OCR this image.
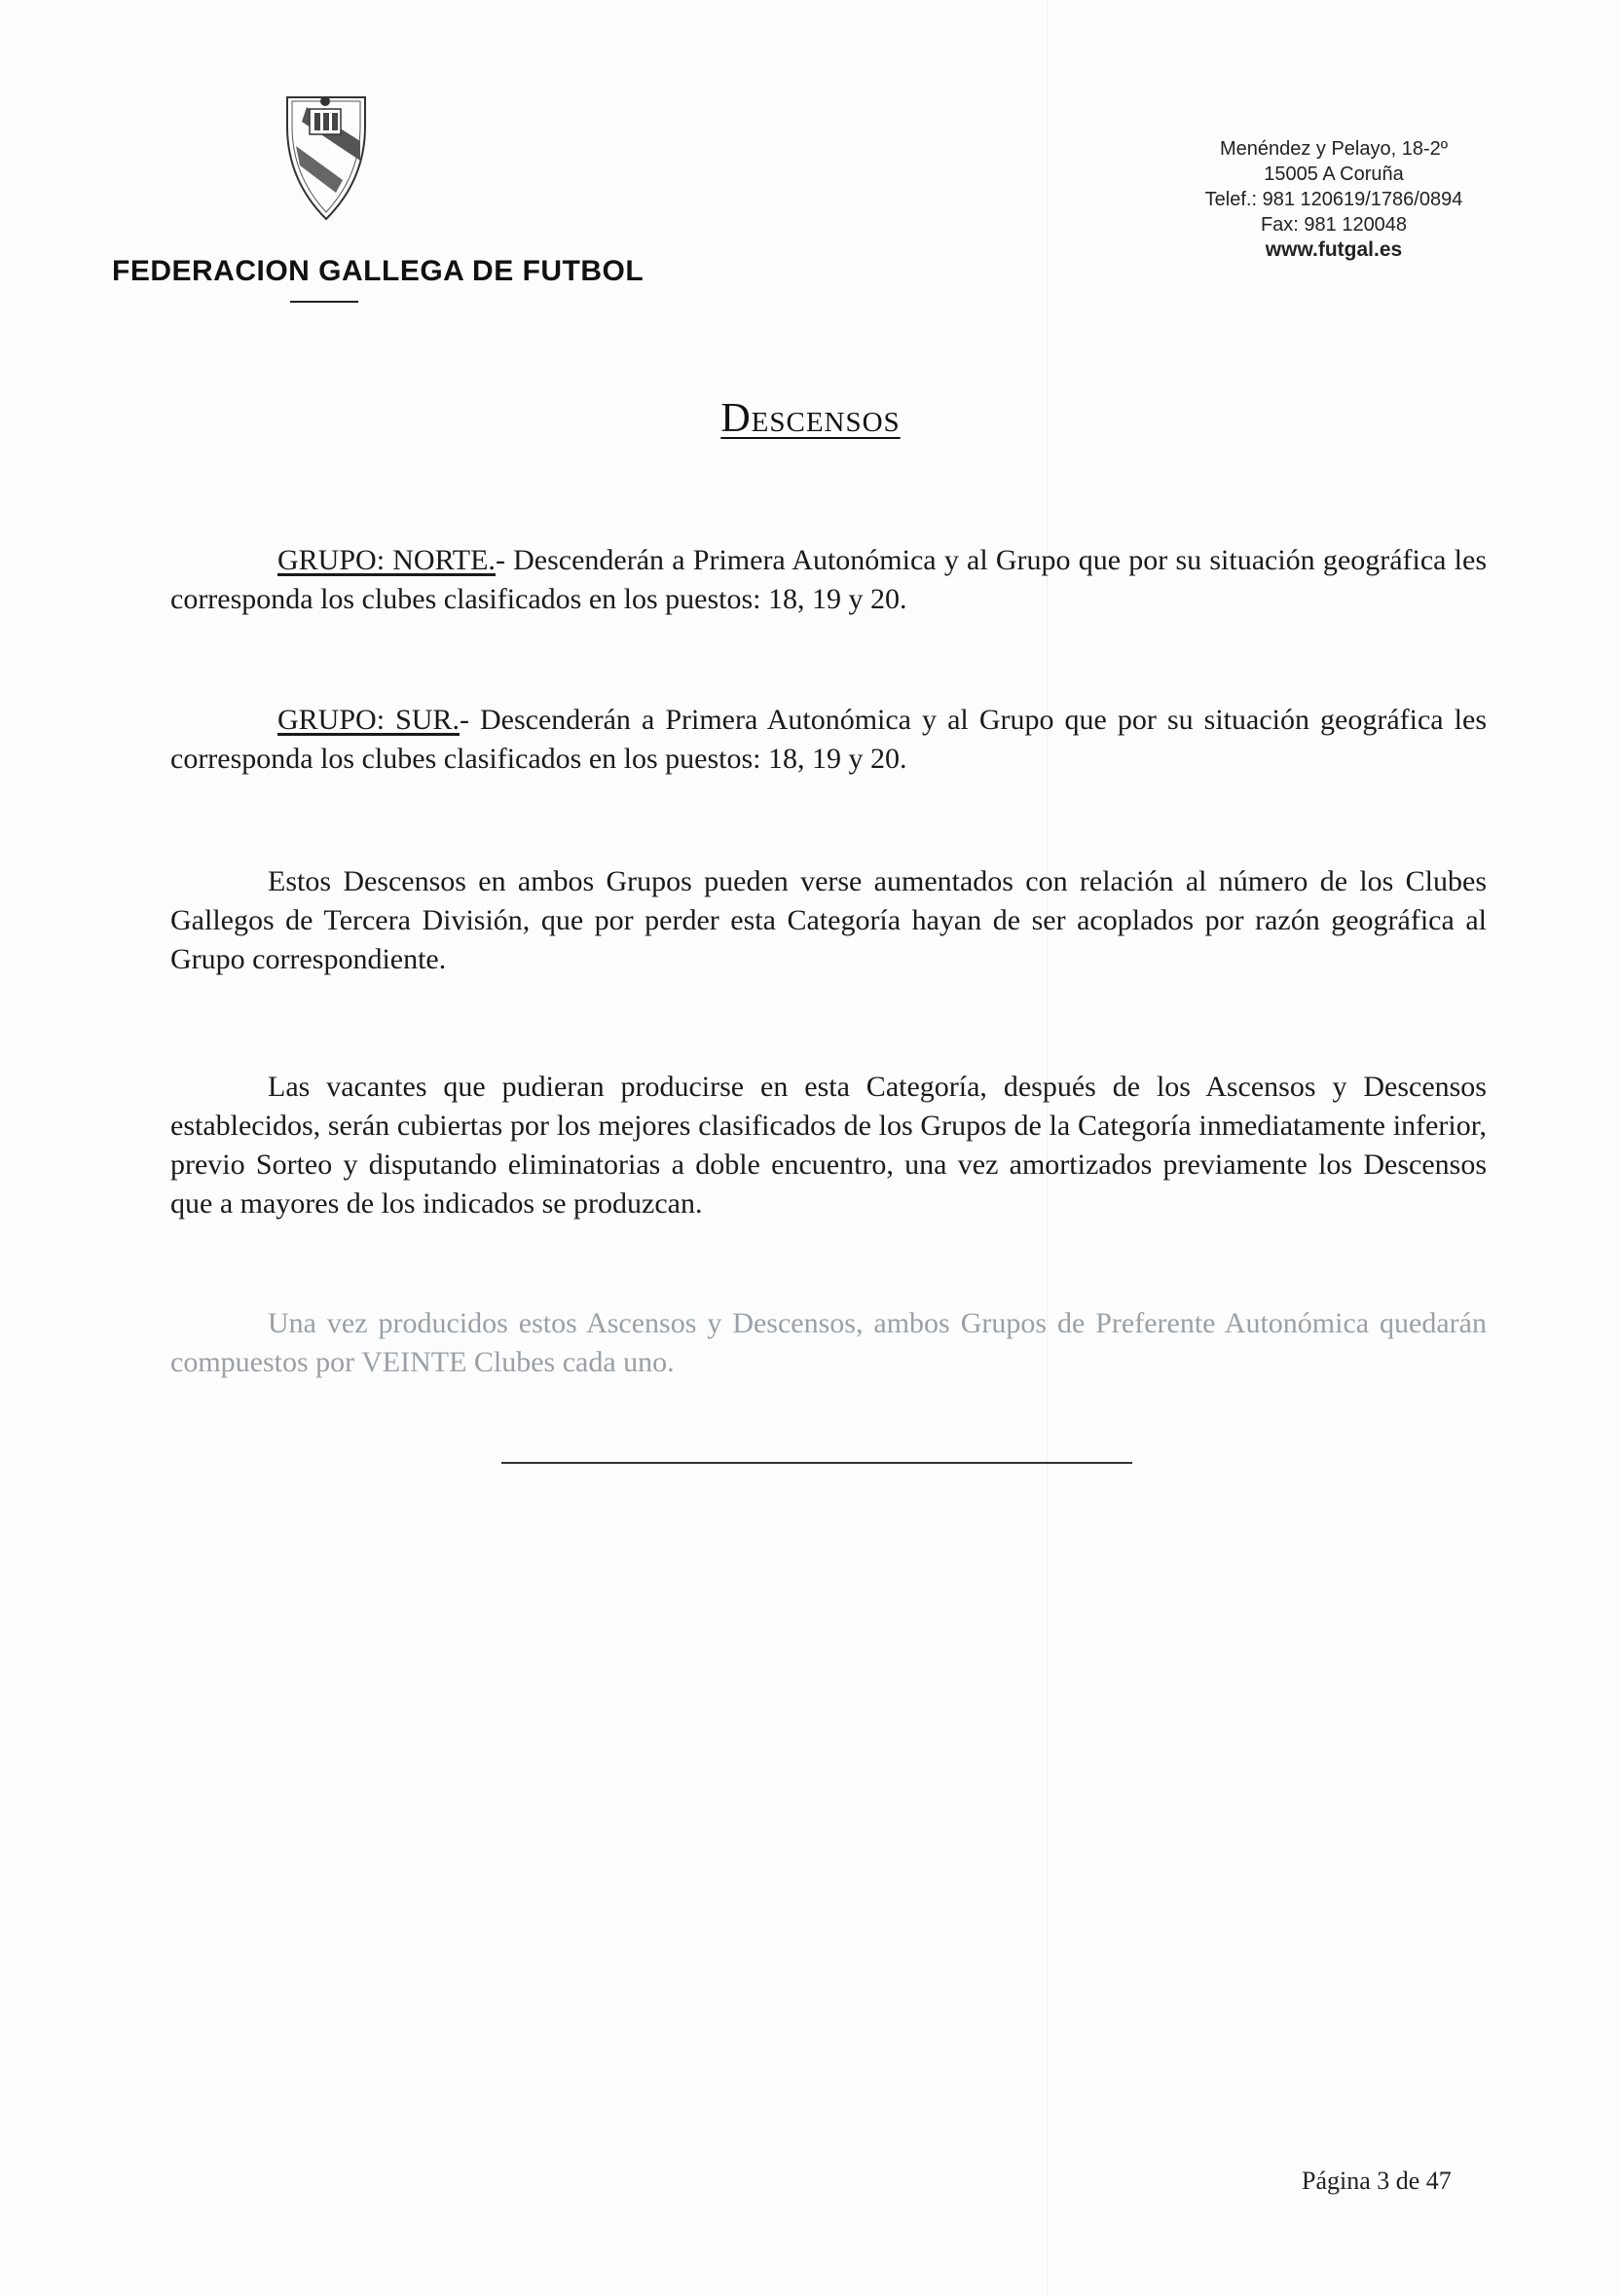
FEDERACION GALLEGA DE FUTBOL
Menéndez y Pelayo, 18-2º
15005 A Coruña
Telef.: 981 120619/1786/0894
Fax: 981 120048
www.futgal.es
Descensos
GRUPO: NORTE.- Descenderán a Primera Autonómica y al Grupo que por su situación geográfica les corresponda los clubes clasificados en los puestos: 18, 19 y 20.
GRUPO: SUR.- Descenderán a Primera Autonómica y al Grupo que por su situación geográfica les corresponda los clubes clasificados en los puestos: 18, 19 y 20.
Estos Descensos en ambos Grupos pueden verse aumentados con relación al número de los Clubes Gallegos de Tercera División, que por perder esta Categoría hayan de ser acoplados por razón geográfica al Grupo correspondiente.
Las vacantes que pudieran producirse en esta Categoría, después de los Ascensos y Descensos establecidos, serán cubiertas por los mejores clasificados de los Grupos de la Categoría inmediatamente inferior, previo Sorteo y disputando eliminatorias a doble encuentro, una vez amortizados previamente los Descensos que a mayores de los indicados se produzcan.
Una vez producidos estos Ascensos y Descensos, ambos Grupos de Preferente Autonómica quedarán compuestos por VEINTE Clubes cada uno.
Página 3 de 47
